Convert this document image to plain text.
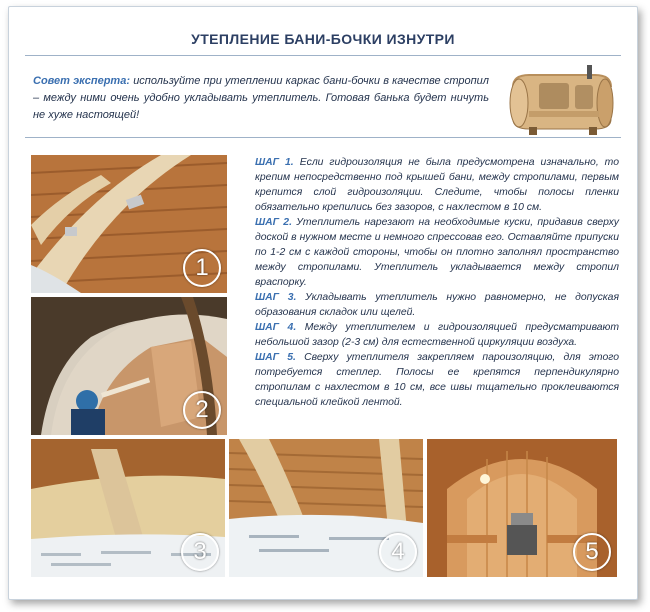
УТЕПЛЕНИЕ БАНИ-БОЧКИ ИЗНУТРИ
Совет эксперта: используйте при утеплении каркас бани-бочки в качестве стропил – между ними очень удобно укладывать утеплитель. Готовая банька будет ничуть не хуже настоящей!
1
2

ШАГ 1. Если гидроизоляция не была предусмотрена изначально, то крепим непосредственно под крышей бани, между стропилами, первым крепится слой гидроизоляции. Следите, чтобы полосы пленки обязательно крепились без зазоров, с нахлестом в 10 см.

ШАГ 2. Утеплитель нарезают на необходимые куски, придавив сверху доской в нужном месте и немного спрессовав его. Оставляйте припуски по 1-2 см с каждой стороны, чтобы он плотно заполнял пространство между стропилами. Утеплитель укладывается между стропил враспорку.

ШАГ 3. Укладывать утеплитель нужно равномерно, не допуская образования складок или щелей.

ШАГ 4. Между утеплителем и гидроизоляцией предусматривают небольшой зазор (2-3 см) для естественной циркуляции воздуха.

ШАГ 5. Сверху утеплителя закрепляем пароизоляцию, для этого потребуется степлер. Полосы ее крепятся перпендикулярно стропилам с нахлестом в 10 см, все швы тщательно проклеиваются специальной клейкой лентой.

3	4	5
